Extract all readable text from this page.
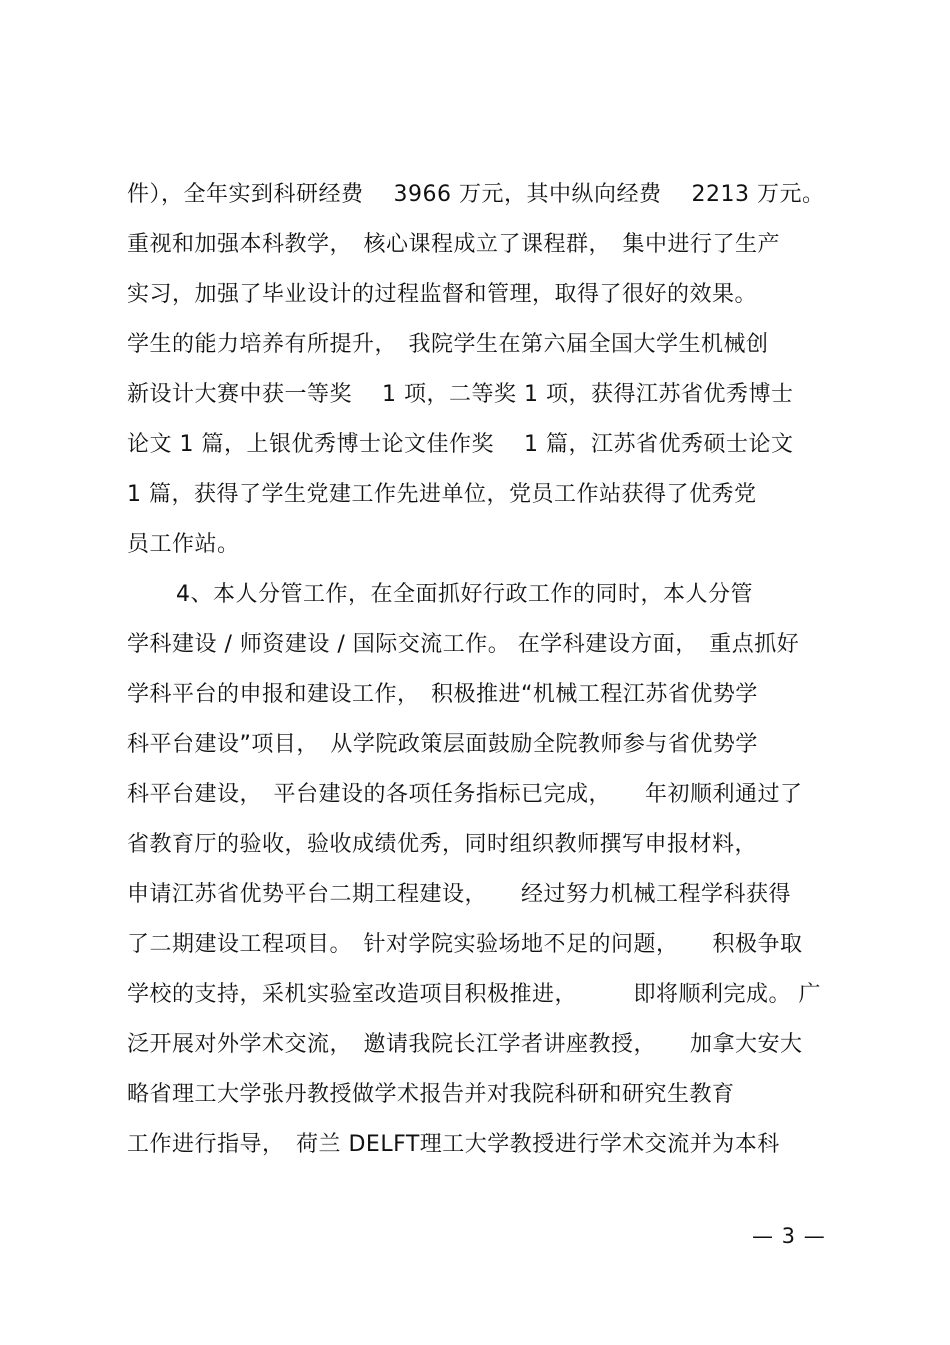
件），全年实到科研经费　 3966 万元，其中纵向经费　 2213 万元。
重视和加强本科教学，　核心课程成立了课程群，　集中进行了生产
实习，加强了毕业设计的过程监督和管理，取得了很好的效果。
学生的能力培养有所提升，　我院学生在第六届全国大学生机械创
新设计大赛中获一等奖　 1 项，二等奖 1 项，获得江苏省优秀博士
论文 1 篇，上银优秀博士论文佳作奖　 1 篇，江苏省优秀硕士论文
1 篇，获得了学生党建工作先进单位，党员工作站获得了优秀党
员工作站。
4、本人分管工作，在全面抓好行政工作的同时，本人分管
学科建设 / 师资建设 / 国际交流工作。 在学科建设方面，　重点抓好
学科平台的申报和建设工作，　积极推进“机械工程江苏省优势学
科平台建设”项目，　从学院政策层面鼓励全院教师参与省优势学
科平台建设，　平台建设的各项任务指标已完成，　　年初顺利通过了
省教育厅的验收，验收成绩优秀，同时组织教师撰写申报材料，
申请江苏省优势平台二期工程建设，　　经过努力机械工程学科获得
了二期建设工程项目。　针对学院实验场地不足的问题，　　积极争取
学校的支持，采机实验室改造项目积极推进，　　　即将顺利完成。 广
泛开展对外学术交流，　邀请我院长江学者讲座教授，　　加拿大安大
略省理工大学张丹教授做学术报告并对我院科研和研究生教育
工作进行指导，　荷兰 DELFT理工大学教授进行学术交流并为本科
— 3 —
